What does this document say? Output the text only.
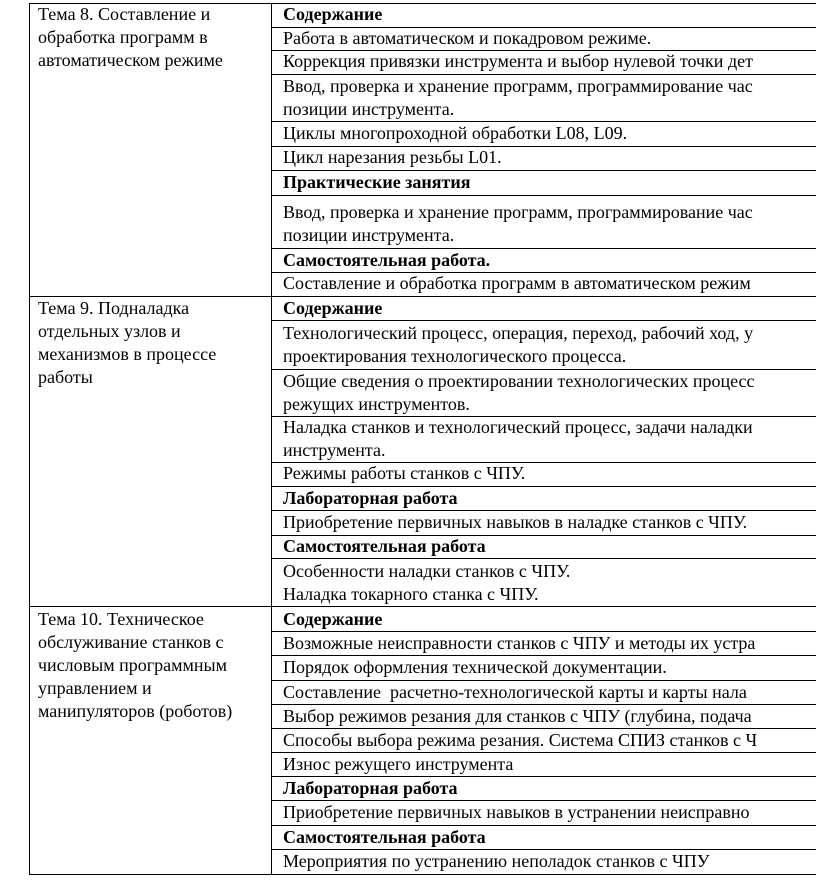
Тема 8. Составление и
обработка программ в
автоматическом режиме
Содержание
Работа в автоматическом и покадровом режиме.
Коррекция привязки инструмента и выбор нулевой точки дет
Ввод, проверка и хранение программ, программирование час
позиции инструмента.
Циклы многопроходной обработки L08, L09.
Цикл нарезания резьбы L01.
Практические занятия
Ввод, проверка и хранение программ, программирование час
позиции инструмента.
Самостоятельная работа.
Составление и обработка программ в автоматическом режим
Тема 9. Подналадка
отдельных узлов и
механизмов в процессе
работы
Содержание
Технологический процесс, операция, переход, рабочий ход, у
проектирования технологического процесса.
Общие сведения о проектировании технологических процесс
режущих инструментов.
Наладка станков и технологический процесс, задачи наладки
инструмента.
Режимы работы станков с ЧПУ.
Лабораторная работа
Приобретение первичных навыков в наладке станков с ЧПУ.
Самостоятельная работа
Особенности наладки станков с ЧПУ.
Наладка токарного станка с ЧПУ.
Тема 10. Техническое
обслуживание станков с
числовым программным
управлением и
манипуляторов (роботов)
Содержание
Возможные неисправности станков с ЧПУ и методы их устра
Порядок оформления технической документации.
Составление  расчетно-технологической карты и карты нала
Выбор режимов резания для станков с ЧПУ (глубина, подача
Способы выбора режима резания. Система СПИЗ станков с Ч
Износ режущего инструмента
Лабораторная работа
Приобретение первичных навыков в устранении неисправно
Самостоятельная работа
Мероприятия по устранению неполадок станков с ЧПУ
